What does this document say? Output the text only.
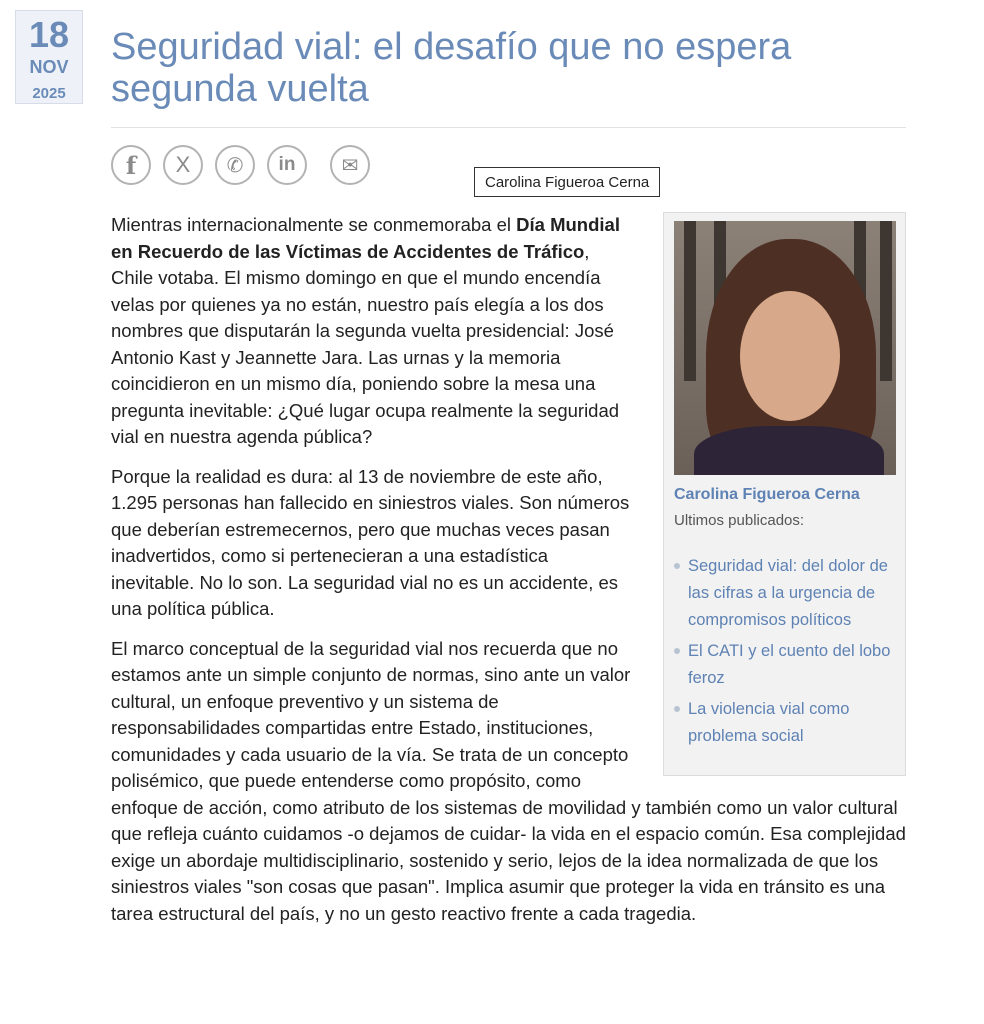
18
NOV
2025
Seguridad vial: el desafío que no espera segunda vuelta
f X ✆ in ✉
Carolina Figueroa Cerna
Carolina Figueroa Cerna
Ultimos publicados:
Seguridad vial: del dolor de las cifras a la urgencia de compromisos políticos
El CATI y el cuento del lobo feroz
La violencia vial como problema social

Mientras internacionalmente se conmemoraba el Día Mundial en Recuerdo de las Víctimas de Accidentes de Tráfico, Chile votaba. El mismo domingo en que el mundo encendía velas por quienes ya no están, nuestro país elegía a los dos nombres que disputarán la segunda vuelta presidencial: José Antonio Kast y Jeannette Jara. Las urnas y la memoria coincidieron en un mismo día, poniendo sobre la mesa una pregunta inevitable: ¿Qué lugar ocupa realmente la seguridad vial en nuestra agenda pública?

Porque la realidad es dura: al 13 de noviembre de este año, 1.295 personas han fallecido en siniestros viales. Son números que deberían estremecernos, pero que muchas veces pasan inadvertidos, como si pertenecieran a una estadística inevitable. No lo son. La seguridad vial no es un accidente, es una política pública.

El marco conceptual de la seguridad vial nos recuerda que no estamos ante un simple conjunto de normas, sino ante un valor cultural, un enfoque preventivo y un sistema de responsabilidades compartidas entre Estado, instituciones, comunidades y cada usuario de la vía. Se trata de un concepto polisémico, que puede entenderse como propósito, como enfoque de acción, como atributo de los sistemas de movilidad y también como un valor cultural que refleja cuánto cuidamos -o dejamos de cuidar- la vida en el espacio común. Esa complejidad exige un abordaje multidisciplinario, sostenido y serio, lejos de la idea normalizada de que los siniestros viales "son cosas que pasan". Implica asumir que proteger la vida en tránsito es una tarea estructural del país, y no un gesto reactivo frente a cada tragedia.
